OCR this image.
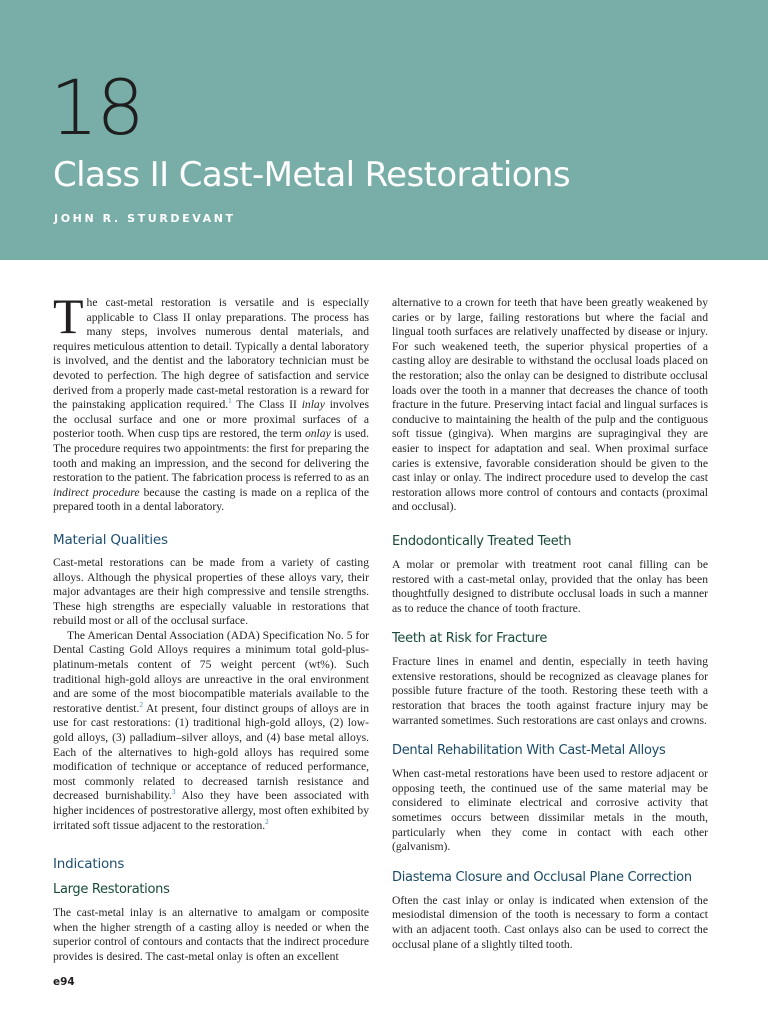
18
Class II Cast-Metal Restorations
JOHN R. STURDEVANT

The cast-metal restoration is versatile and is especially applicable to Class II onlay preparations. The process has many steps, involves numerous dental materials, and requires meticulous attention to detail. Typically a dental laboratory is involved, and the dentist and the laboratory technician must be devoted to perfection. The high degree of satisfaction and service derived from a properly made cast-metal restoration is a reward for the painstaking application required.$^1$ The Class II inlay involves the occlusal surface and one or more proximal surfaces of a posterior tooth. When cusp tips are restored, the term onlay is used. The procedure requires two appointments: the first for preparing the tooth and making an impression, and the second for delivering the restoration to the patient. The fabrication process is referred to as an indirect procedure because the casting is made on a replica of the prepared tooth in a dental laboratory.

Material Qualities

Cast-metal restorations can be made from a variety of casting alloys. Although the physical properties of these alloys vary, their major advantages are their high compressive and tensile strengths. These high strengths are especially valuable in restorations that rebuild most or all of the occlusal surface.

The American Dental Association (ADA) Specification No. 5 for Dental Casting Gold Alloys requires a minimum total gold-plus-platinum-metals content of 75 weight percent (wt%). Such traditional high-gold alloys are unreactive in the oral environment and are some of the most biocompatible materials available to the restorative dentist.$^2$ At present, four distinct groups of alloys are in use for cast restorations: (1) traditional high-gold alloys, (2) low-gold alloys, (3) palladium–silver alloys, and (4) base metal alloys. Each of the alternatives to high-gold alloys has required some modification of technique or acceptance of reduced performance, most commonly related to decreased tarnish resistance and decreased burnishability.$^3$ Also they have been associated with higher incidences of postrestorative allergy, most often exhibited by irritated soft tissue adjacent to the restoration.$^2$

Indications
Large Restorations

The cast-metal inlay is an alternative to amalgam or composite when the higher strength of a casting alloy is needed or when the superior control of contours and contacts that the indirect procedure provides is desired. The cast-metal onlay is often an excellent

alternative to a crown for teeth that have been greatly weakened by caries or by large, failing restorations but where the facial and lingual tooth surfaces are relatively unaffected by disease or injury. For such weakened teeth, the superior physical properties of a casting alloy are desirable to withstand the occlusal loads placed on the restoration; also the onlay can be designed to distribute occlusal loads over the tooth in a manner that decreases the chance of tooth fracture in the future. Preserving intact facial and lingual surfaces is conducive to maintaining the health of the pulp and the contiguous soft tissue (gingiva). When margins are supragingival they are easier to inspect for adaptation and seal. When proximal surface caries is extensive, favorable consideration should be given to the cast inlay or onlay. The indirect procedure used to develop the cast restoration allows more control of contours and contacts (proximal and occlusal).

Endodontically Treated Teeth

A molar or premolar with treatment root canal filling can be restored with a cast-metal onlay, provided that the onlay has been thoughtfully designed to distribute occlusal loads in such a manner as to reduce the chance of tooth fracture.

Teeth at Risk for Fracture

Fracture lines in enamel and dentin, especially in teeth having extensive restorations, should be recognized as cleavage planes for possible future fracture of the tooth. Restoring these teeth with a restoration that braces the tooth against fracture injury may be warranted sometimes. Such restorations are cast onlays and crowns.

Dental Rehabilitation With Cast-Metal Alloys

When cast-metal restorations have been used to restore adjacent or opposing teeth, the continued use of the same material may be considered to eliminate electrical and corrosive activity that sometimes occurs between dissimilar metals in the mouth, particularly when they come in contact with each other (galvanism).

Diastema Closure and Occlusal Plane Correction

Often the cast inlay or onlay is indicated when extension of the mesiodistal dimension of the tooth is necessary to form a contact with an adjacent tooth. Cast onlays also can be used to correct the occlusal plane of a slightly tilted tooth.

e94
